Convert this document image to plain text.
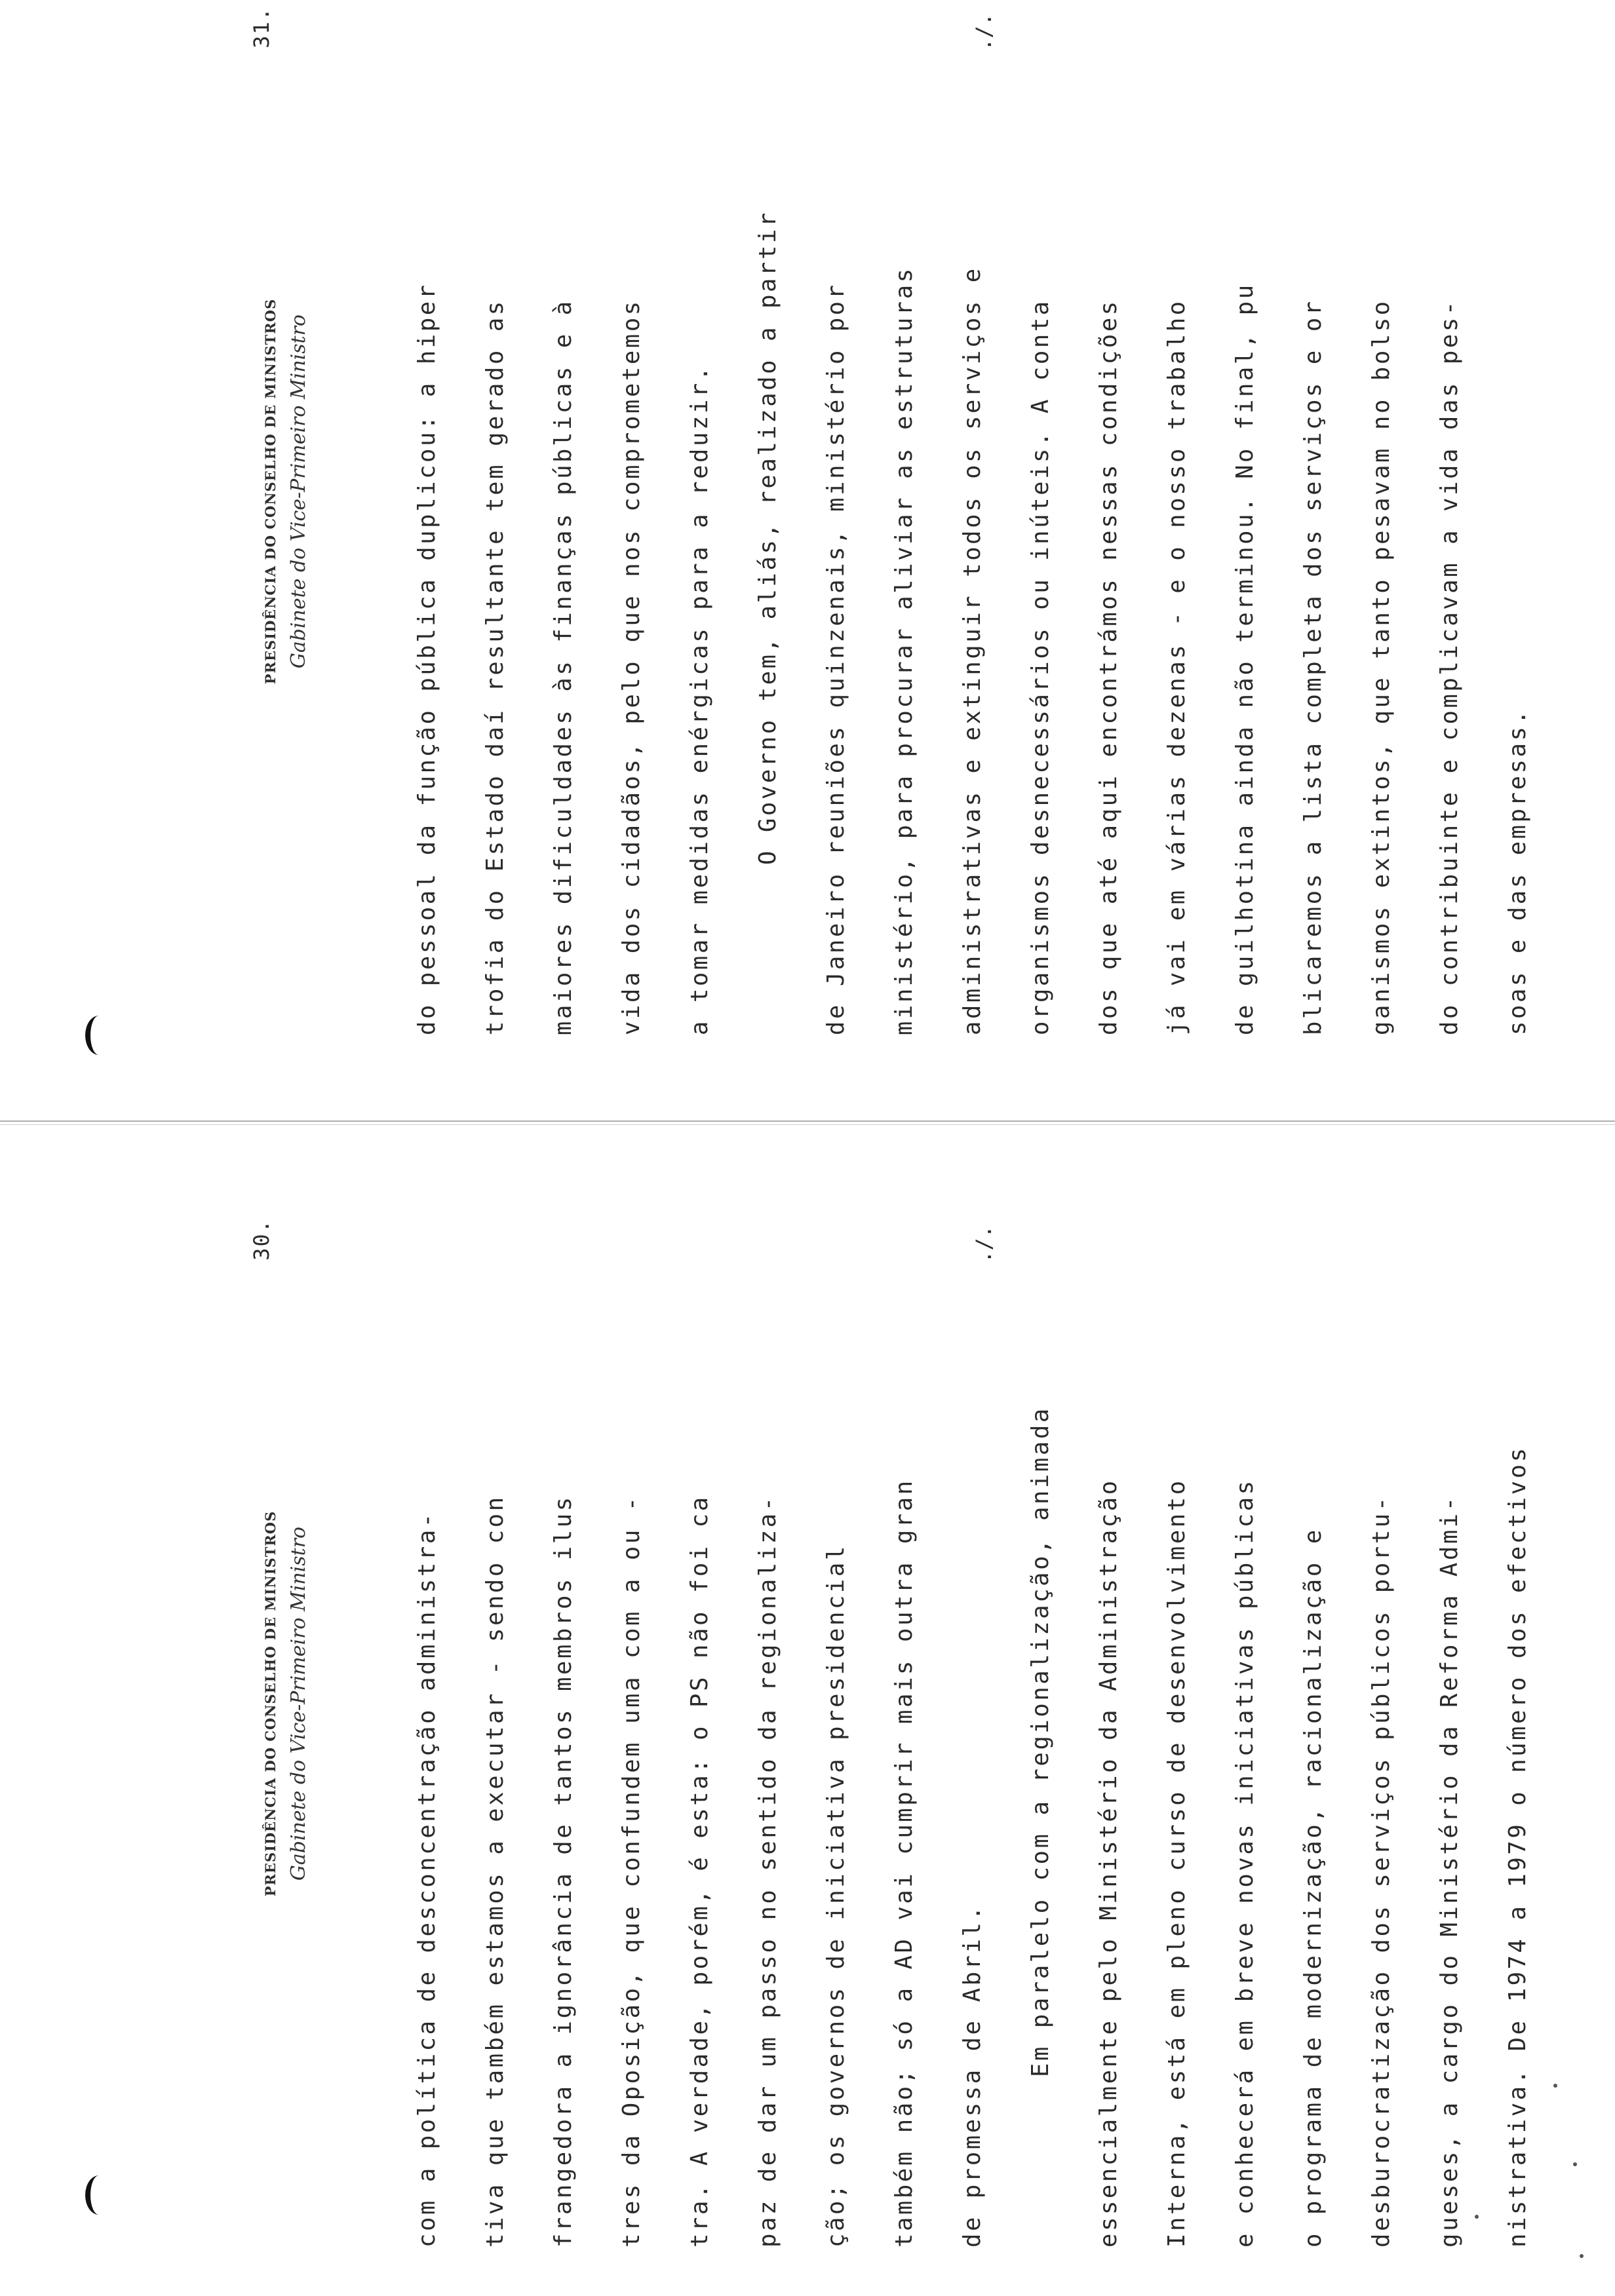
PRESIDÊNCIA DO CONSELHO DE MINISTROS Gabinete do Vice-Primeiro Ministro
30.
com a política de desconcentração administra-	tiva que também estamos a executar - sendo con	frangedora a ignorância de tantos membros ilus	tres da Oposição, que confundem uma com a ou -	tra. A verdade, porém, é esta: o PS não foi ca	paz de dar um passo no sentido da regionaliza-	ção; os governos de iniciativa presidencial	também não; só a AD vai cumprir mais outra gran	de promessa de Abril.	Em paralelo com a regionalização, animada	essencialmente pelo Ministério da Administração	Interna, está em pleno curso de desenvolvimento	e conhecerá em breve novas iniciativas públicas	o programa de modernização, racionalização e	desburocratização dos serviços públicos portu-	gueses, a cargo do Ministério da Reforma Admi-	nistrativa. De 1974 a 1979 o número dos efectivos
./.
PRESIDÊNCIA DO CONSELHO DE MINISTROS Gabinete do Vice-Primeiro Ministro
31.
do pessoal da função pública duplicou: a hiper	trofia do Estado daí resultante tem gerado as	maiores dificuldades às finanças públicas e à	vida dos cidadãos, pelo que nos comprometemos	a tomar medidas enérgicas para a reduzir.	O Governo tem, aliás, realizado a partir	de Janeiro reuniões quinzenais, ministério por	ministério, para procurar aliviar as estruturas	administrativas e extinguir todos os serviços e	organismos desnecessários ou inúteis. A conta	dos que até aqui encontrámos nessas condições	já vai em várias dezenas - e o nosso trabalho	de guilhotina ainda não terminou. No final, pu	blicaremos a lista completa dos serviços e or	ganismos extintos, que tanto pesavam no bolso	do contribuinte e complicavam a vida das pes-	soas e das empresas.
./.
